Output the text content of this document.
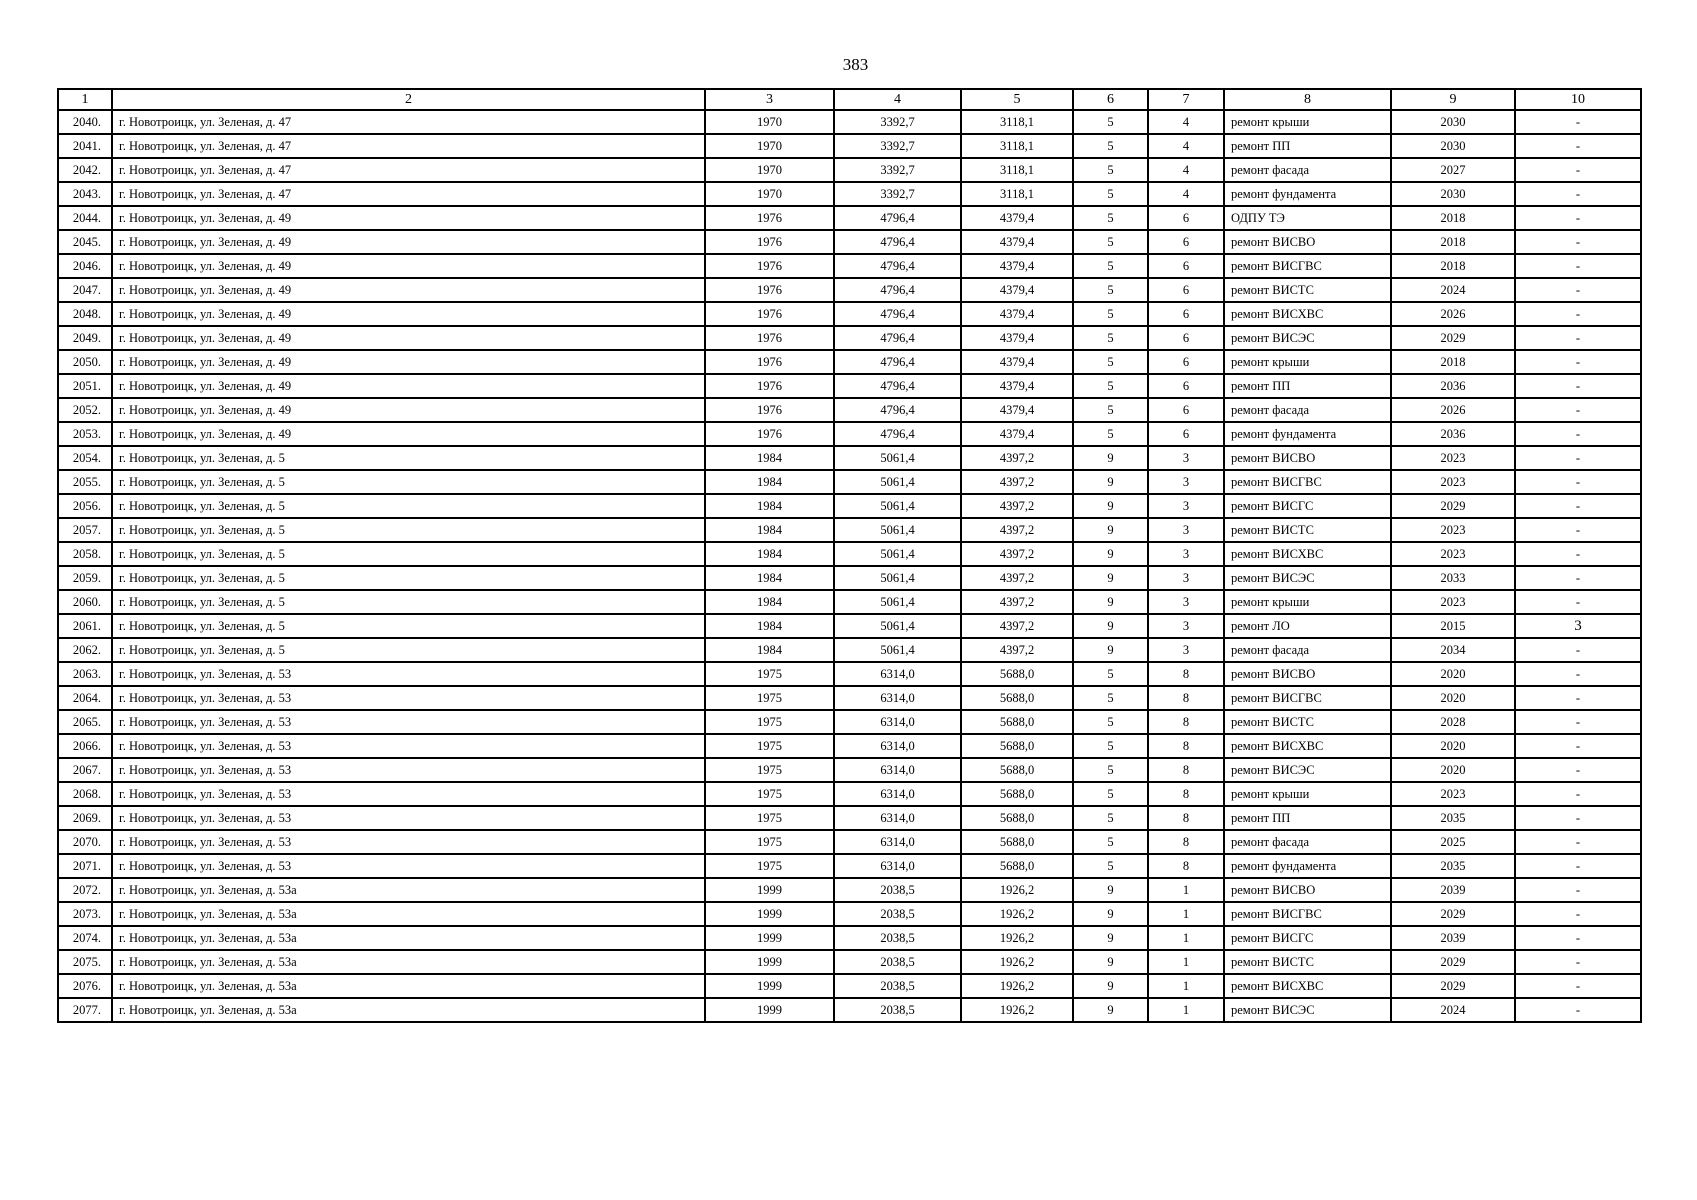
383
1	2	3	4	5	6	7	8	9	10
2040.	г. Новотроицк, ул. Зеленая, д. 47	1970	3392,7	3118,1	5	4	ремонт крыши	2030	-
2041.	г. Новотроицк, ул. Зеленая, д. 47	1970	3392,7	3118,1	5	4	ремонт ПП	2030	-
2042.	г. Новотроицк, ул. Зеленая, д. 47	1970	3392,7	3118,1	5	4	ремонт фасада	2027	-
2043.	г. Новотроицк, ул. Зеленая, д. 47	1970	3392,7	3118,1	5	4	ремонт фундамента	2030	-
2044.	г. Новотроицк, ул. Зеленая, д. 49	1976	4796,4	4379,4	5	6	ОДПУ ТЭ	2018	-
2045.	г. Новотроицк, ул. Зеленая, д. 49	1976	4796,4	4379,4	5	6	ремонт ВИСВО	2018	-
2046.	г. Новотроицк, ул. Зеленая, д. 49	1976	4796,4	4379,4	5	6	ремонт ВИСГВС	2018	-
2047.	г. Новотроицк, ул. Зеленая, д. 49	1976	4796,4	4379,4	5	6	ремонт ВИСТС	2024	-
2048.	г. Новотроицк, ул. Зеленая, д. 49	1976	4796,4	4379,4	5	6	ремонт ВИСХВС	2026	-
2049.	г. Новотроицк, ул. Зеленая, д. 49	1976	4796,4	4379,4	5	6	ремонт ВИСЭС	2029	-
2050.	г. Новотроицк, ул. Зеленая, д. 49	1976	4796,4	4379,4	5	6	ремонт крыши	2018	-
2051.	г. Новотроицк, ул. Зеленая, д. 49	1976	4796,4	4379,4	5	6	ремонт ПП	2036	-
2052.	г. Новотроицк, ул. Зеленая, д. 49	1976	4796,4	4379,4	5	6	ремонт фасада	2026	-
2053.	г. Новотроицк, ул. Зеленая, д. 49	1976	4796,4	4379,4	5	6	ремонт фундамента	2036	-
2054.	г. Новотроицк, ул. Зеленая, д. 5	1984	5061,4	4397,2	9	3	ремонт ВИСВО	2023	-
2055.	г. Новотроицк, ул. Зеленая, д. 5	1984	5061,4	4397,2	9	3	ремонт ВИСГВС	2023	-
2056.	г. Новотроицк, ул. Зеленая, д. 5	1984	5061,4	4397,2	9	3	ремонт ВИСГС	2029	-
2057.	г. Новотроицк, ул. Зеленая, д. 5	1984	5061,4	4397,2	9	3	ремонт ВИСТС	2023	-
2058.	г. Новотроицк, ул. Зеленая, д. 5	1984	5061,4	4397,2	9	3	ремонт ВИСХВС	2023	-
2059.	г. Новотроицк, ул. Зеленая, д. 5	1984	5061,4	4397,2	9	3	ремонт ВИСЭС	2033	-
2060.	г. Новотроицк, ул. Зеленая, д. 5	1984	5061,4	4397,2	9	3	ремонт крыши	2023	-
2061.	г. Новотроицк, ул. Зеленая, д. 5	1984	5061,4	4397,2	9	3	ремонт ЛО	2015	3
2062.	г. Новотроицк, ул. Зеленая, д. 5	1984	5061,4	4397,2	9	3	ремонт фасада	2034	-
2063.	г. Новотроицк, ул. Зеленая, д. 53	1975	6314,0	5688,0	5	8	ремонт ВИСВО	2020	-
2064.	г. Новотроицк, ул. Зеленая, д. 53	1975	6314,0	5688,0	5	8	ремонт ВИСГВС	2020	-
2065.	г. Новотроицк, ул. Зеленая, д. 53	1975	6314,0	5688,0	5	8	ремонт ВИСТС	2028	-
2066.	г. Новотроицк, ул. Зеленая, д. 53	1975	6314,0	5688,0	5	8	ремонт ВИСХВС	2020	-
2067.	г. Новотроицк, ул. Зеленая, д. 53	1975	6314,0	5688,0	5	8	ремонт ВИСЭС	2020	-
2068.	г. Новотроицк, ул. Зеленая, д. 53	1975	6314,0	5688,0	5	8	ремонт крыши	2023	-
2069.	г. Новотроицк, ул. Зеленая, д. 53	1975	6314,0	5688,0	5	8	ремонт ПП	2035	-
2070.	г. Новотроицк, ул. Зеленая, д. 53	1975	6314,0	5688,0	5	8	ремонт фасада	2025	-
2071.	г. Новотроицк, ул. Зеленая, д. 53	1975	6314,0	5688,0	5	8	ремонт фундамента	2035	-
2072.	г. Новотроицк, ул. Зеленая, д. 53а	1999	2038,5	1926,2	9	1	ремонт ВИСВО	2039	-
2073.	г. Новотроицк, ул. Зеленая, д. 53а	1999	2038,5	1926,2	9	1	ремонт ВИСГВС	2029	-
2074.	г. Новотроицк, ул. Зеленая, д. 53а	1999	2038,5	1926,2	9	1	ремонт ВИСГС	2039	-
2075.	г. Новотроицк, ул. Зеленая, д. 53а	1999	2038,5	1926,2	9	1	ремонт ВИСТС	2029	-
2076.	г. Новотроицк, ул. Зеленая, д. 53а	1999	2038,5	1926,2	9	1	ремонт ВИСХВС	2029	-
2077.	г. Новотроицк, ул. Зеленая, д. 53а	1999	2038,5	1926,2	9	1	ремонт ВИСЭС	2024	-
